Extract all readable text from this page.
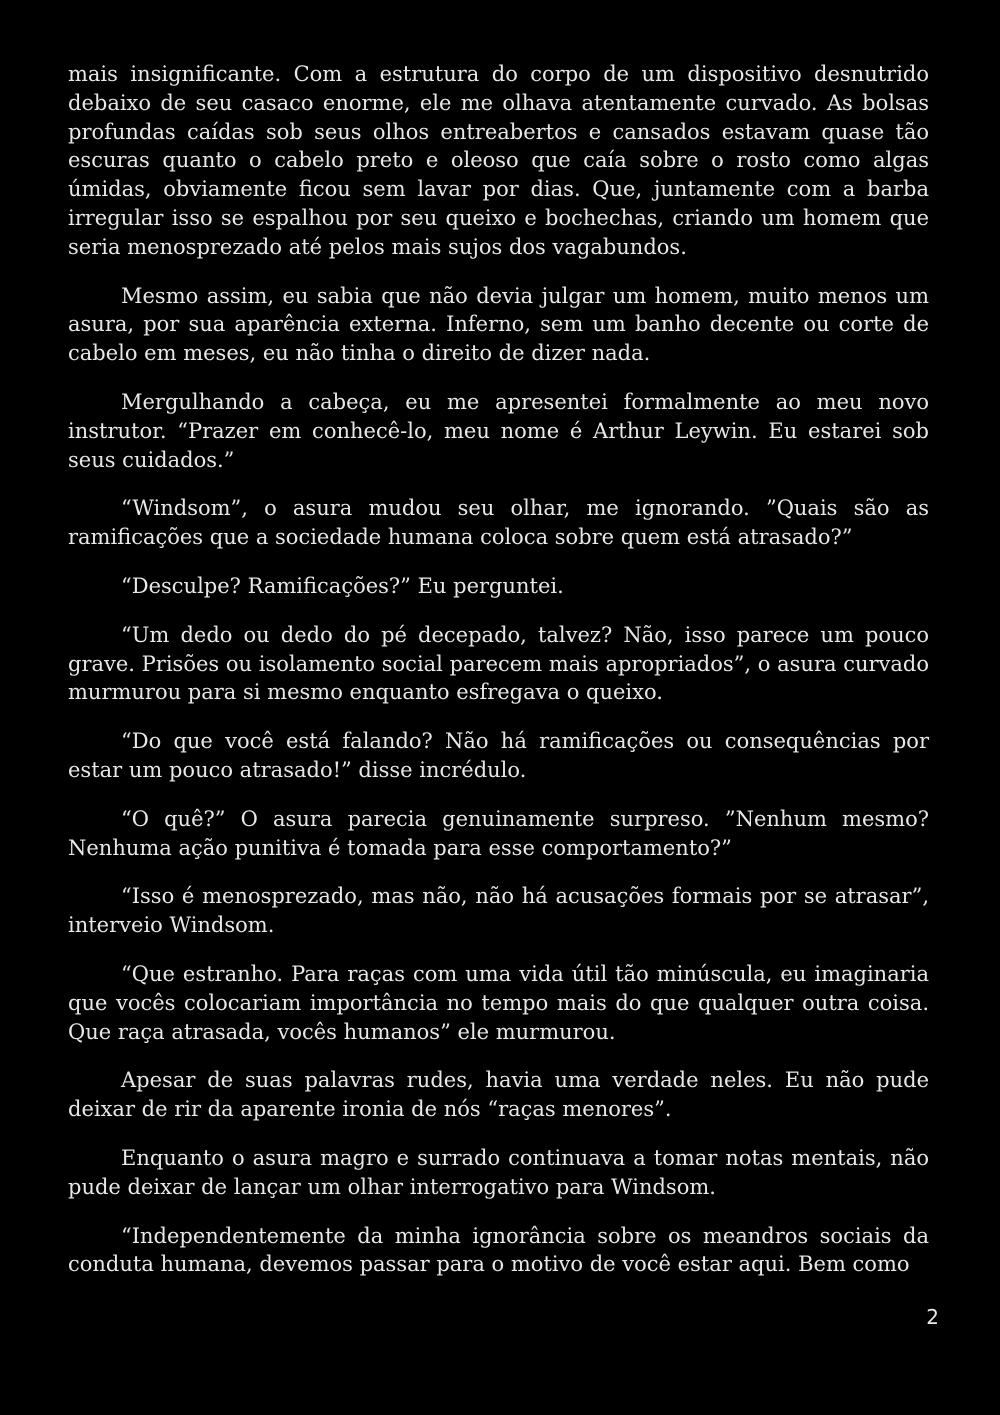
mais insignificante. Com a estrutura do corpo de um dispositivo desnutrido debaixo de seu casaco enorme, ele me olhava atentamente curvado. As bolsas profundas caídas sob seus olhos entreabertos e cansados estavam quase tão escuras quanto o cabelo preto e oleoso que caía sobre o rosto como algas úmidas, obviamente ficou sem lavar por dias. Que, juntamente com a barba irregular isso se espalhou por seu queixo e bochechas, criando um homem que seria menosprezado até pelos mais sujos dos vagabundos.

Mesmo assim, eu sabia que não devia julgar um homem, muito menos um asura, por sua aparência externa. Inferno, sem um banho decente ou corte de cabelo em meses, eu não tinha o direito de dizer nada.

Mergulhando a cabeça, eu me apresentei formalmente ao meu novo instrutor. “Prazer em conhecê-lo, meu nome é Arthur Leywin. Eu estarei sob seus cuidados.”

“Windsom”, o asura mudou seu olhar, me ignorando. ”Quais são as ramificações que a sociedade humana coloca sobre quem está atrasado?”

“Desculpe? Ramificações?” Eu perguntei.

“Um dedo ou dedo do pé decepado, talvez? Não, isso parece um pouco grave. Prisões ou isolamento social parecem mais apropriados”, o asura curvado murmurou para si mesmo enquanto esfregava o queixo.

“Do que você está falando? Não há ramificações ou consequências por estar um pouco atrasado!” disse incrédulo.

“O quê?” O asura parecia genuinamente surpreso. ”Nenhum mesmo? Nenhuma ação punitiva é tomada para esse comportamento?”

“Isso é menosprezado, mas não, não há acusações formais por se atrasar”, interveio Windsom.

“Que estranho. Para raças com uma vida útil tão minúscula, eu imaginaria que vocês colocariam importância no tempo mais do que qualquer outra coisa. Que raça atrasada, vocês humanos” ele murmurou.

Apesar de suas palavras rudes, havia uma verdade neles. Eu não pude deixar de rir da aparente ironia de nós “raças menores”.

Enquanto o asura magro e surrado continuava a tomar notas mentais, não pude deixar de lançar um olhar interrogativo para Windsom.

“Independentemente da minha ignorância sobre os meandros sociais da conduta humana, devemos passar para o motivo de você estar aqui. Bem como

2
